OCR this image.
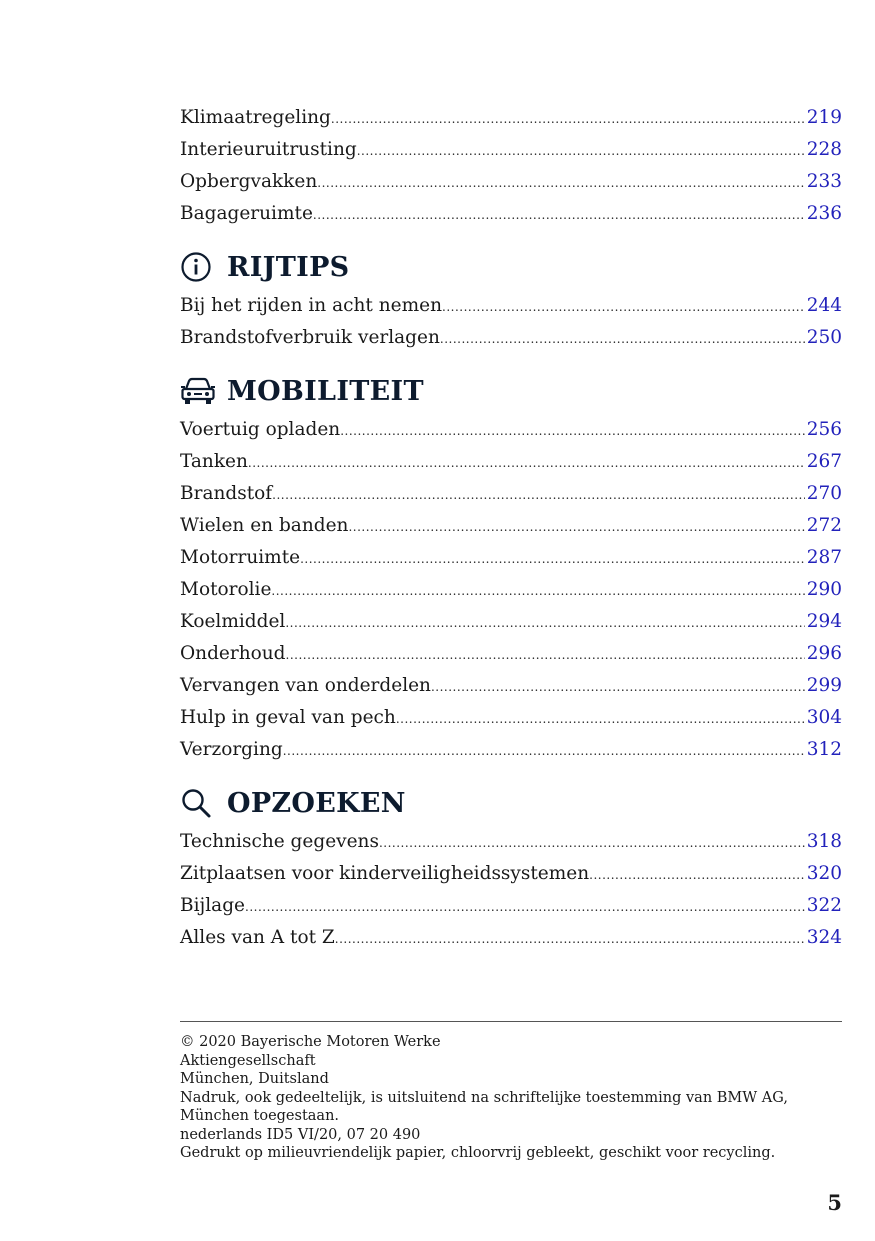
Klimaatregeling .....	219
Interieuruitrusting .....	228
Opbergvakken .....	233
Bagageruimte .....	236
RIJTIPS
Bij het rijden in acht nemen .....	244
Brandstofverbruik verlagen .....	250
MOBILITEIT
Voertuig opladen .....	256
Tanken .....	267
Brandstof .....	270
Wielen en banden .....	272
Motorruimte .....	287
Motorolie .....	290
Koelmiddel .....	294
Onderhoud .....	296
Vervangen van onderdelen .....	299
Hulp in geval van pech .....	304
Verzorging .....	312
OPZOEKEN
Technische gegevens .....	318
Zitplaatsen voor kinderveiligheidssystemen .....	320
Bijlage .....	322
Alles van A tot Z .....	324
© 2020 Bayerische Motoren Werke
Aktiengesellschaft
München, Duitsland
Nadruk, ook gedeeltelijk, is uitsluitend na schriftelijke toestemming van BMW AG, München toegestaan.
nederlands ID5 VI/20, 07 20 490
Gedrukt op milieuvriendelijk papier, chloorvrij gebleekt, geschikt voor recycling.
5
